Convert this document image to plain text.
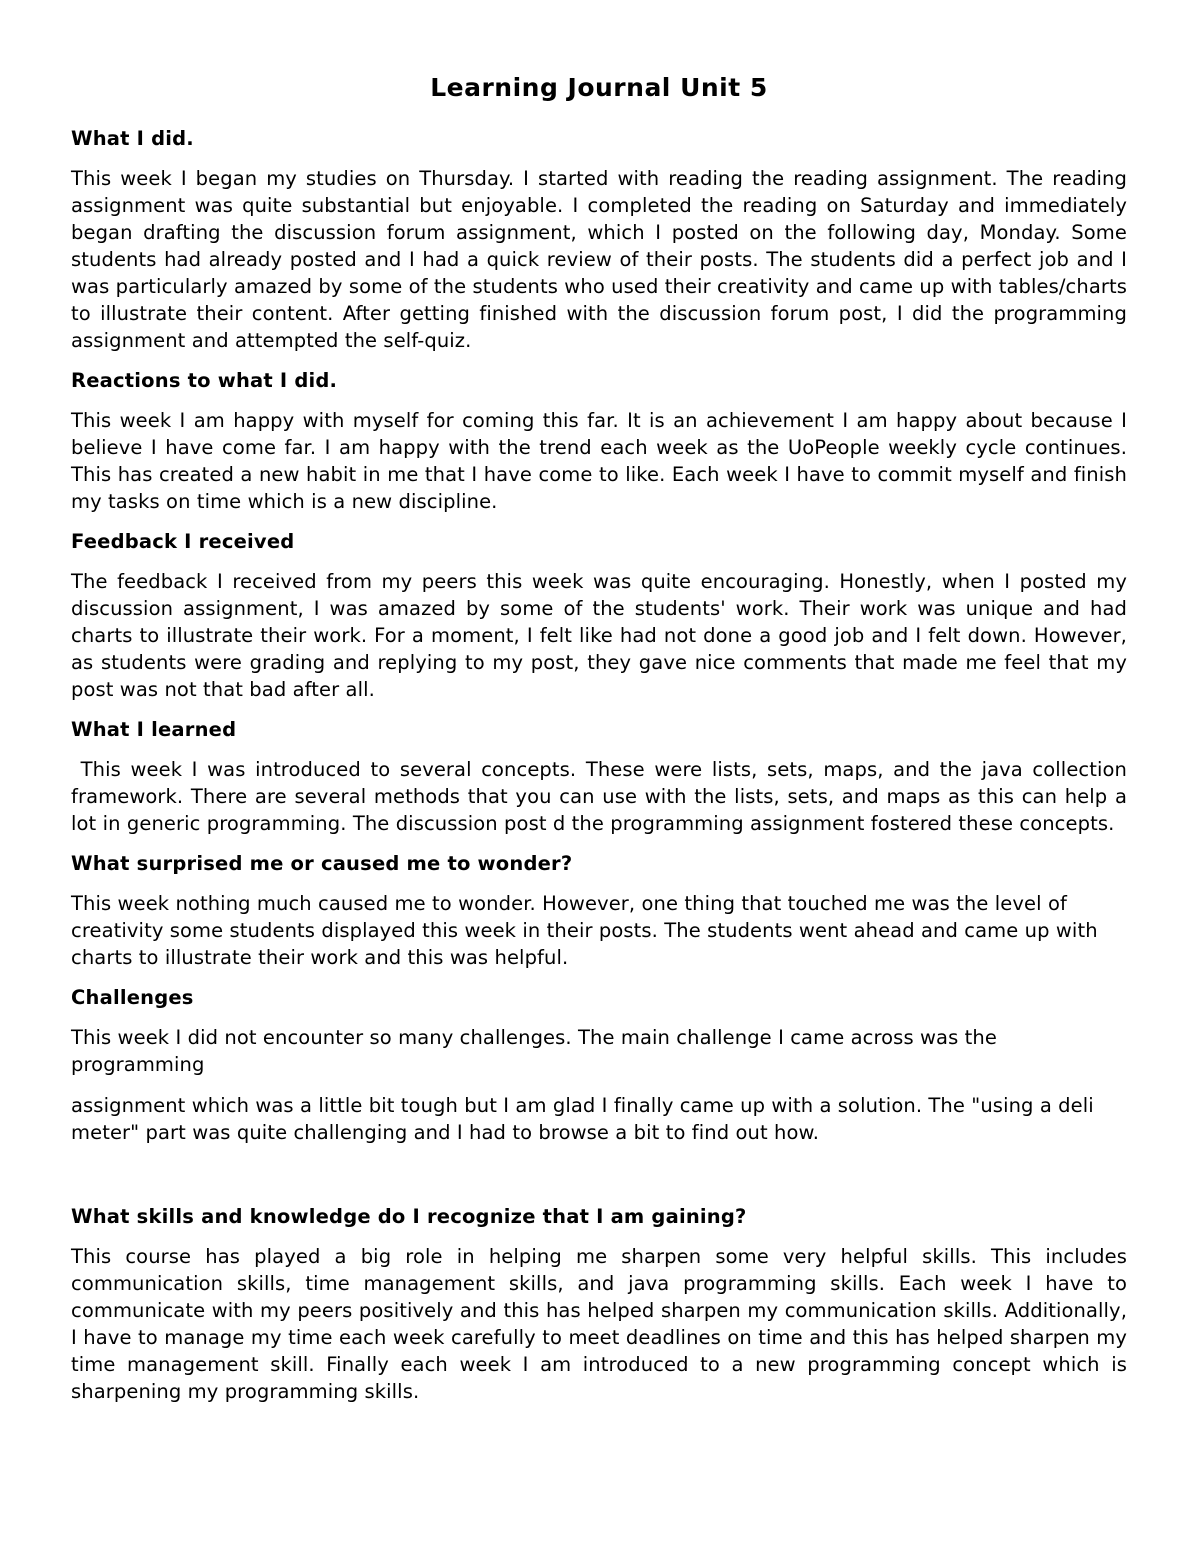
Learning Journal Unit 5
What I did.
This week I began my studies on Thursday. I started with reading the reading assignment. The reading assignment was quite substantial but enjoyable. I completed the reading on Saturday and immediately began drafting the discussion forum assignment, which I posted on the following day, Monday. Some students had already posted and I had a quick review of their posts. The students did a perfect job and I was particularly amazed by some of the students who used their creativity and came up with tables/charts to illustrate their content. After getting finished with the discussion forum post, I did the programming assignment and attempted the self-quiz.
Reactions to what I did.
This week I am happy with myself for coming this far. It is an achievement I am happy about because I believe I have come far. I am happy with the trend each week as the UoPeople weekly cycle continues. This has created a new habit in me that I have come to like. Each week I have to commit myself and finish my tasks on time which is a new discipline.
Feedback I received
The feedback I received from my peers this week was quite encouraging. Honestly, when I posted my discussion assignment, I was amazed by some of the students' work. Their work was unique and had charts to illustrate their work. For a moment, I felt like had not done a good job and I felt down. However, as students were grading and replying to my post, they gave nice comments that made me feel that my post was not that bad after all.
What I learned
This week I was introduced to several concepts. These were lists, sets, maps, and the java collection framework. There are several methods that you can use with the lists, sets, and maps as this can help a lot in generic programming. The discussion post d the programming assignment fostered these concepts.
What surprised me or caused me to wonder?
This week nothing much caused me to wonder. However, one thing that touched me was the level of creativity some students displayed this week in their posts. The students went ahead and came up with charts to illustrate their work and this was helpful.
Challenges
This week I did not encounter so many challenges. The main challenge I came across was the programming
assignment which was a little bit tough but I am glad I finally came up with a solution. The "using a deli meter" part was quite challenging and I had to browse a bit to find out how.
What skills and knowledge do I recognize that I am gaining?
This course has played a big role in helping me sharpen some very helpful skills. This includes communication skills, time management skills, and java programming skills. Each week I have to communicate with my peers positively and this has helped sharpen my communication skills. Additionally, I have to manage my time each week carefully to meet deadlines on time and this has helped sharpen my time management skill. Finally each week I am introduced to a new programming concept which is sharpening my programming skills.
